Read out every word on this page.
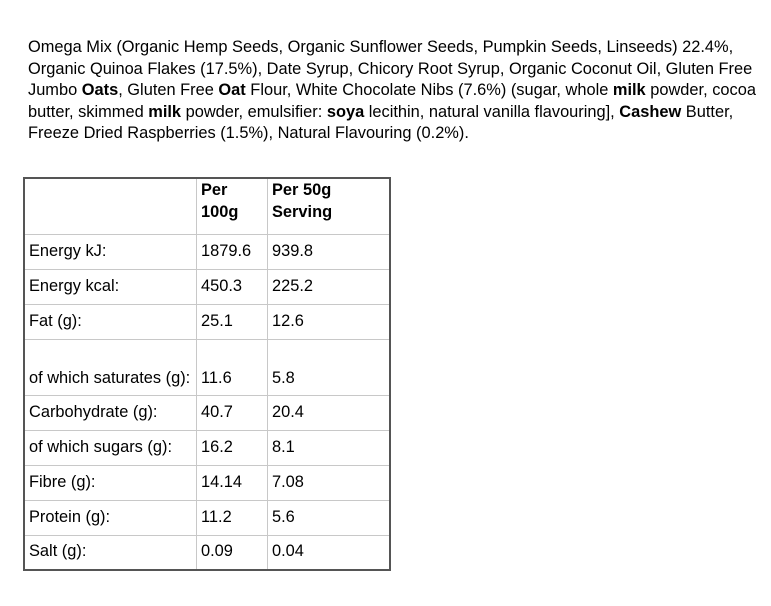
Omega Mix (Organic Hemp Seeds, Organic Sunflower Seeds, Pumpkin Seeds, Linseeds) 22.4%, Organic Quinoa Flakes (17.5%), Date Syrup, Chicory Root Syrup, Organic Coconut Oil, Gluten Free Jumbo Oats, Gluten Free Oat Flour, White Chocolate Nibs (7.6%) (sugar, whole milk powder, cocoa butter, skimmed milk powder, emulsifier: soya lecithin, natural vanilla flavouring], Cashew Butter, Freeze Dried Raspberries (1.5%), Natural Flavouring (0.2%).
	Per 100g	Per 50g Serving
Energy kJ:	1879.6	939.8
Energy kcal:	450.3	225.2
Fat (g):	25.1	12.6
of which saturates (g):	11.6	5.8
Carbohydrate (g):	40.7	20.4
of which sugars (g):	16.2	8.1
Fibre (g):	14.14	7.08
Protein (g):	11.2	5.6
Salt (g):	0.09	0.04
